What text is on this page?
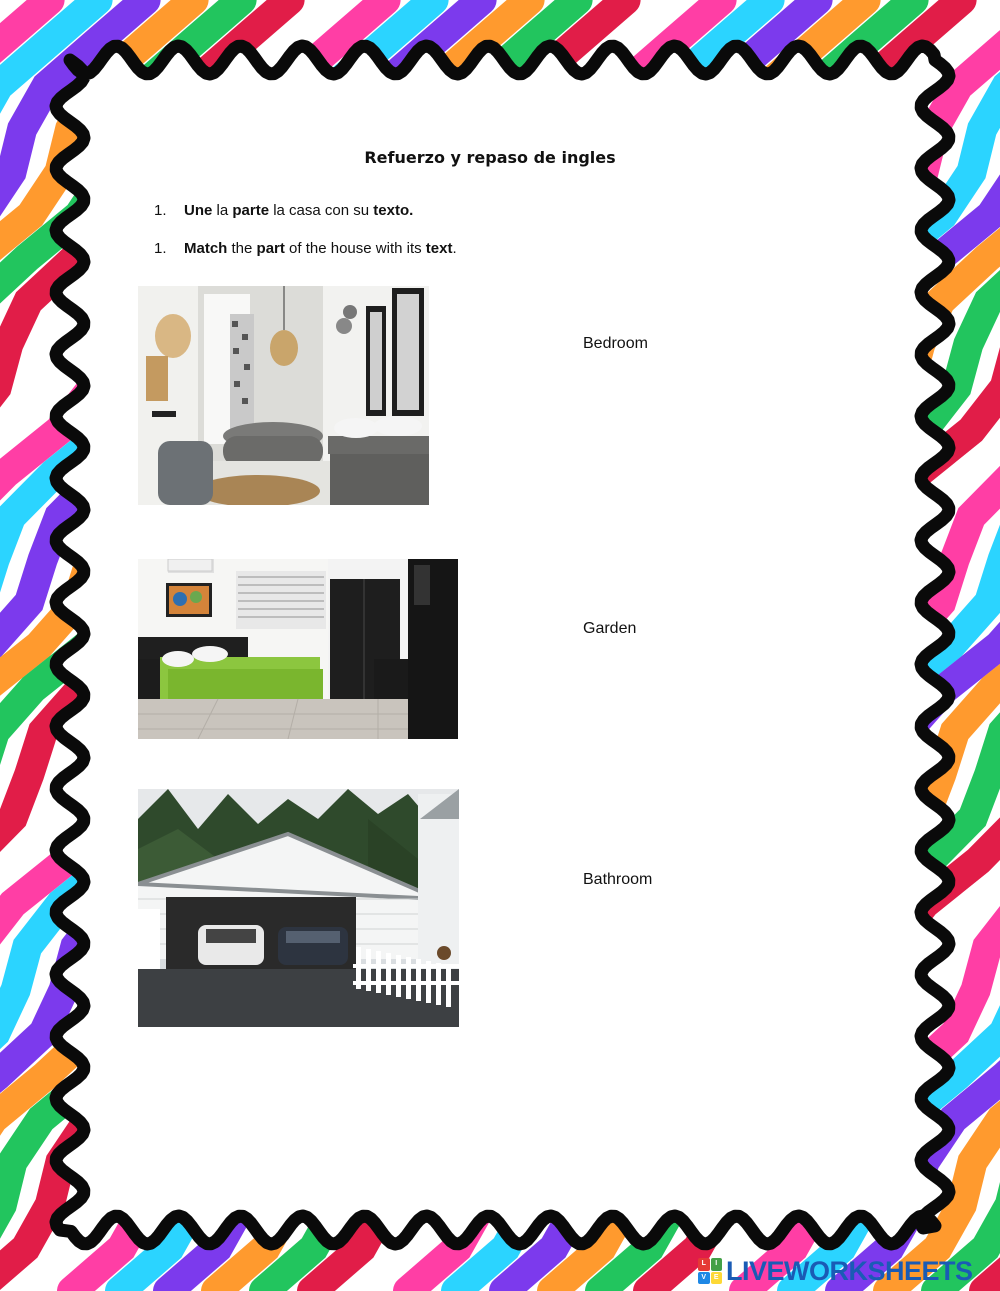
Refuerzo y repaso de ingles
1. Une la parte la casa con su texto.
1. Match the part of the house with its text.
Bedroom
Garden
Bathroom
L	I
V	E LIVEWORKSHEETS
